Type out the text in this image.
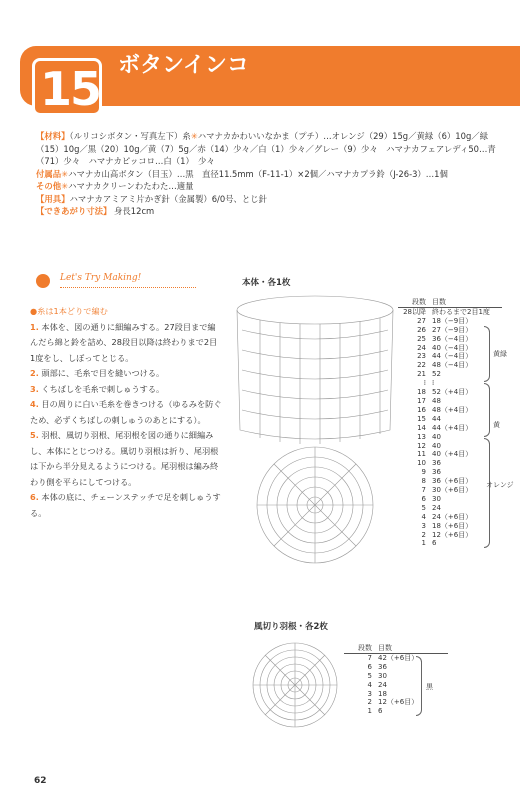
15 ボタンインコ
【材料】（ルリコシボタン・写真左下）糸✳ハマナカかわいいなかま（プチ）…オレンジ（29）15g／黄緑（6）10g／緑（15）10g／黒（20）10g／黄（7）5g／赤（14）少々／白（1）少々／グレー（9）少々　ハマナカフェアレディ50…青（71）少々　ハマナカピッコロ…白（1）　少々
付属品✳ハマナカ山高ボタン（目玉）…黒　直径11.5mm（F-11-1）×2個／ハマナカプラ鈴（J-26-3）…1個
その他✳ハマナカクリーンわたわた…適量
【用具】ハマナカアミアミ片かぎ針（金属製）6/0号、とじ針
【できあがり寸法】 身長12cm
Let's Try Making!
●糸は1本どりで編む
1. 本体を、図の通りに細編みする。27段目まで編んだら綿と鈴を詰め、28段目以降は終わりまで2目1度をし、しぼってとじる。
2. 頭部に、毛糸で目を縫いつける。
3. くちばしを毛糸で刺しゅうする。
4. 目の周りに白い毛糸を巻きつける（ゆるみを防ぐため、必ずくちばしの刺しゅうのあとにする）。
5. 羽根、風切り羽根、尾羽根を図の通りに細編みし、本体にとじつける。風切り羽根は折り、尾羽根は下から半分見えるようにつける。尾羽根は編み終わり側を平らにしてつける。
6. 本体の底に、チェーンステッチで足を刺しゅうする。
本体・各1枚
段数 目数
28以降 終わるまで2目1度
27 18（−9目）
26 27（−9目）
25 36（−4目）
24 40（−4目）
23 44（−4目）
22 48（−4目）
21 52
⁞ ⁞
18 52（+4目）
17 48
16 48（+4目）
15 44
14 44（+4目）
13 40
12 40
11 40（+4目）
10 36
9 36
8 36（+6目）
7 30（+6目）
6 30
5 24
4 24（+6目）
3 18（+6目）
2 12（+6目）
1 6
黄緑
黄
オレンジ
風切り羽根・各2枚
段数 目数
7 42（+6目）
6 36
5 30
4 24
3 18
2 12（+6目）
1 6
黒
62
